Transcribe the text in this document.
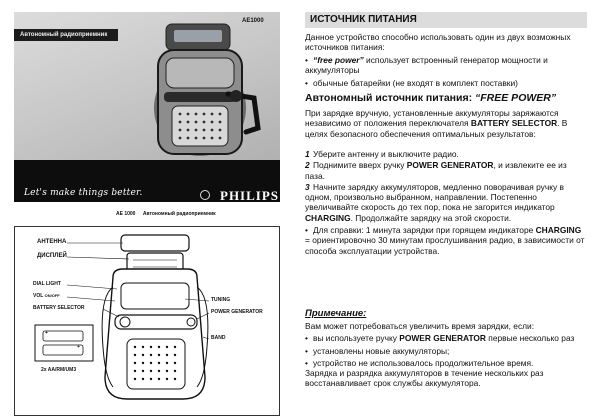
Автономный радиоприемник
AE1000
Let's make things better.	PHILIPS
AE 1000 Автономный радиоприемник
АНТЕННА
ДИСПЛЕЙ
DIAL LIGHT
VOL ON/OFF
BATTERY SELECTOR
TUNING
POWER GENERATOR
BAND
+
+
2x AA/RM/UM3
ИСТОЧНИК ПИТАНИЯ
Данное устройство способно использовать один из двух возможных источников питания:
• “free power” использует встроенный генератор мощности и аккумуляторы
• обычные батарейки (не входят в комплект поставки)
Автономный источник питания: “FREE POWER”
При зарядке вручную, установленные аккумуляторы заряжаются независимо от положения переключателя BATTERY SELECTOR. В целях безопасного обеспечения оптимальных результатов:
1 Уберите антенну и выключите радио.
2 Поднимите вверх ручку POWER GENERATOR, и извлеките ее из паза.
3 Начните зарядку аккумуляторов, медленно поворачивая ручку в одном, произвольно выбранном, направлении. Постепенно увеличивайте скорость до тех пор, пока не загорится индикатор CHARGING. Продолжайте зарядку на этой скорости.
• Для справки: 1 минута зарядки при горящем индикаторе CHARGING = ориентировочно 30 минутам прослушивания радио, в зависимости от способа эксплуатации устройства.
Примечание:
Вам может потребоваться увеличить время зарядки, если:
• вы используете ручку POWER GENERATOR первые несколько раз
• установлены новые аккумуляторы;
• устройство не использовалось продолжительное время.
Зарядка и разрядка аккумуляторов в течение нескольких раз восстанавливает срок службы аккумулятора.
